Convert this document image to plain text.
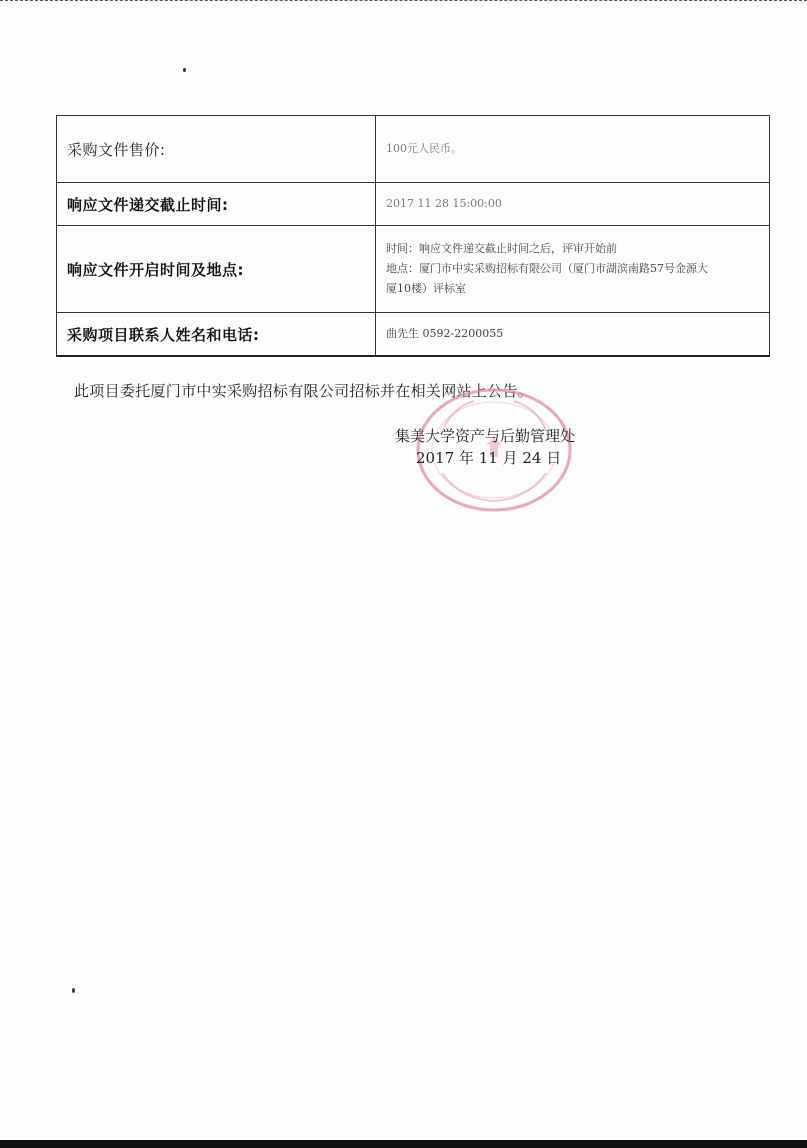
采购文件售价:	100元人民币。
响应文件递交截止时间:	2017 11 28 15:00:00
响应文件开启时间及地点:	时间：响应文件递交截止时间之后，评审开始前
地点：厦门市中实采购招标有限公司（厦门市湖滨南路57号金源大
厦10楼）评标室

采购项目联系人姓名和电话:	曲先生 0592-2200055
此项目委托厦门市中实采购招标有限公司招标并在相关网站上公告。
集美大学资产与后勤管理处
2017 年 11 月 24 日
